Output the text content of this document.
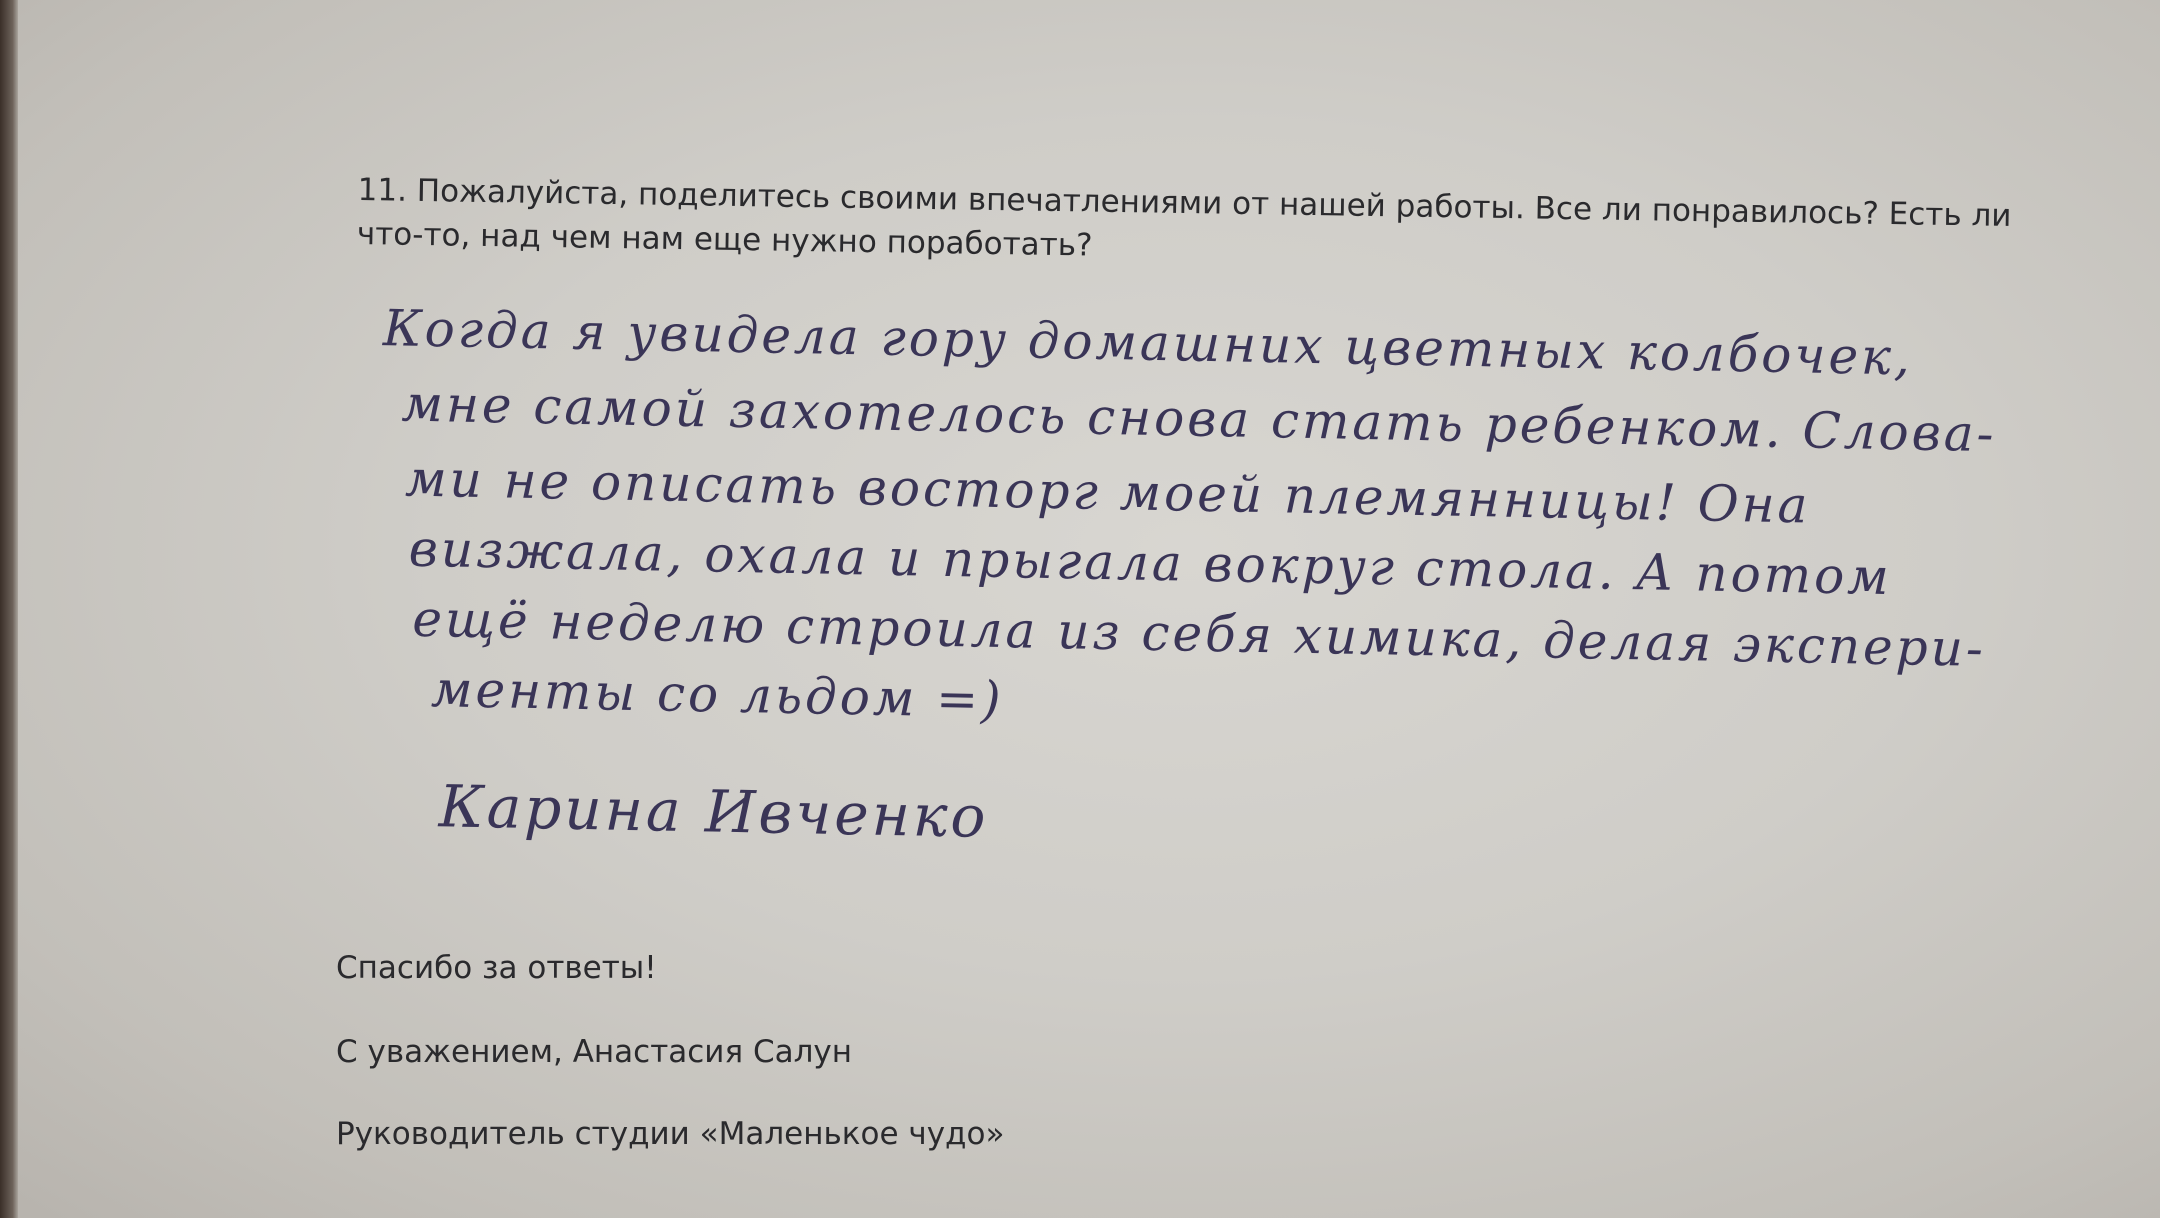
11. Пожалуйста, поделитесь своими впечатлениями от нашей работы. Все ли понравилось? Есть ли что-то, над чем нам еще нужно поработать?

Когда я увидела гору домашних цветных колбочек,
мне самой захотелось снова стать ребенком. Слова-
ми не описать восторг моей племянницы! Она
визжала, охала и прыгала вокруг стола. А потом
ещё неделю строила из себя химика, делая экспери-
менты со льдом =)
Карина Ивченко

Спасибо за ответы!

С уважением, Анастасия Салун

Руководитель студии «Маленькое чудо»
